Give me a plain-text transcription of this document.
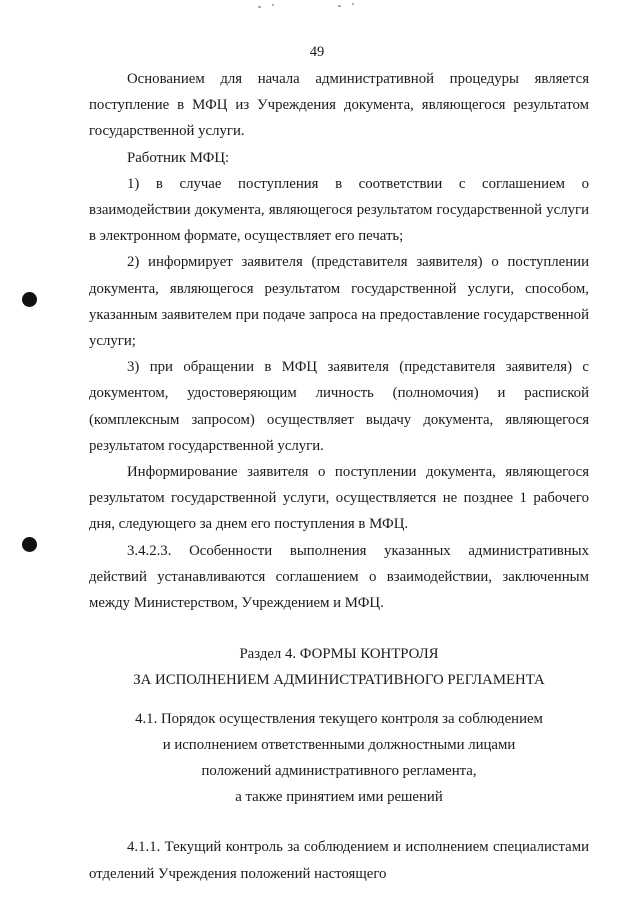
49

Основанием для начала административной процедуры является поступление в МФЦ из Учреждения документа, являющегося результатом государственной услуги.

Работник МФЦ:

1) в случае поступления в соответствии с соглашением о взаимодействии документа, являющегося результатом государственной услуги в электронном формате, осуществляет его печать;

2) информирует заявителя (представителя заявителя) о поступлении документа, являющегося результатом государственной услуги, способом, указанным заявителем при подаче запроса на предоставление государственной услуги;

3) при обращении в МФЦ заявителя (представителя заявителя) с документом, удостоверяющим личность (полномочия) и распиской (комплексным запросом) осуществляет выдачу документа, являющегося результатом государственной услуги.

Информирование заявителя о поступлении документа, являющегося результатом государственной услуги, осуществляется не позднее 1 рабочего дня, следующего за днем его поступления в МФЦ.

3.4.2.3. Особенности выполнения указанных административных действий устанавливаются соглашением о взаимодействии, заключенным между Министерством, Учреждением и МФЦ.

Раздел 4. ФОРМЫ КОНТРОЛЯ
ЗА ИСПОЛНЕНИЕМ АДМИНИСТРАТИВНОГО РЕГЛАМЕНТА
4.1. Порядок осуществления текущего контроля за соблюдением
и исполнением ответственными должностными лицами
положений административного регламента,
а также принятием ими решений

4.1.1. Текущий контроль за соблюдением и исполнением специалистами отделений Учреждения положений настоящего
